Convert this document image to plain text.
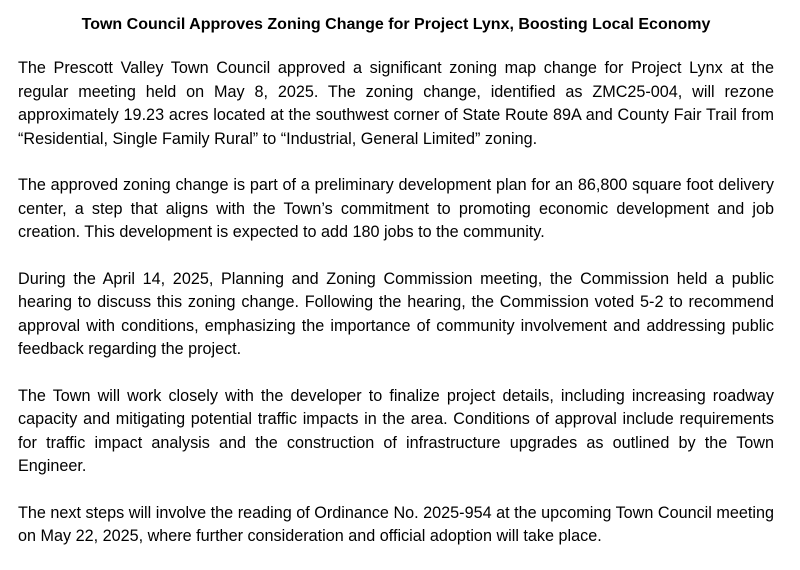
Town Council Approves Zoning Change for Project Lynx, Boosting Local Economy

The Prescott Valley Town Council approved a significant zoning map change for Project Lynx at the regular meeting held on May 8, 2025. The zoning change, identified as ZMC25-004, will rezone approximately 19.23 acres located at the southwest corner of State Route 89A and County Fair Trail from “Residential, Single Family Rural” to “Industrial, General Limited” zoning.

The approved zoning change is part of a preliminary development plan for an 86,800 square foot delivery center, a step that aligns with the Town’s commitment to promoting economic development and job creation. This development is expected to add 180 jobs to the community.

During the April 14, 2025, Planning and Zoning Commission meeting, the Commission held a public hearing to discuss this zoning change. Following the hearing, the Commission voted 5-2 to recommend approval with conditions, emphasizing the importance of community involvement and addressing public feedback regarding the project.

The Town will work closely with the developer to finalize project details, including increasing roadway capacity and mitigating potential traffic impacts in the area. Conditions of approval include requirements for traffic impact analysis and the construction of infrastructure upgrades as outlined by the Town Engineer.

The next steps will involve the reading of Ordinance No. 2025-954 at the upcoming Town Council meeting on May 22, 2025, where further consideration and official adoption will take place.
